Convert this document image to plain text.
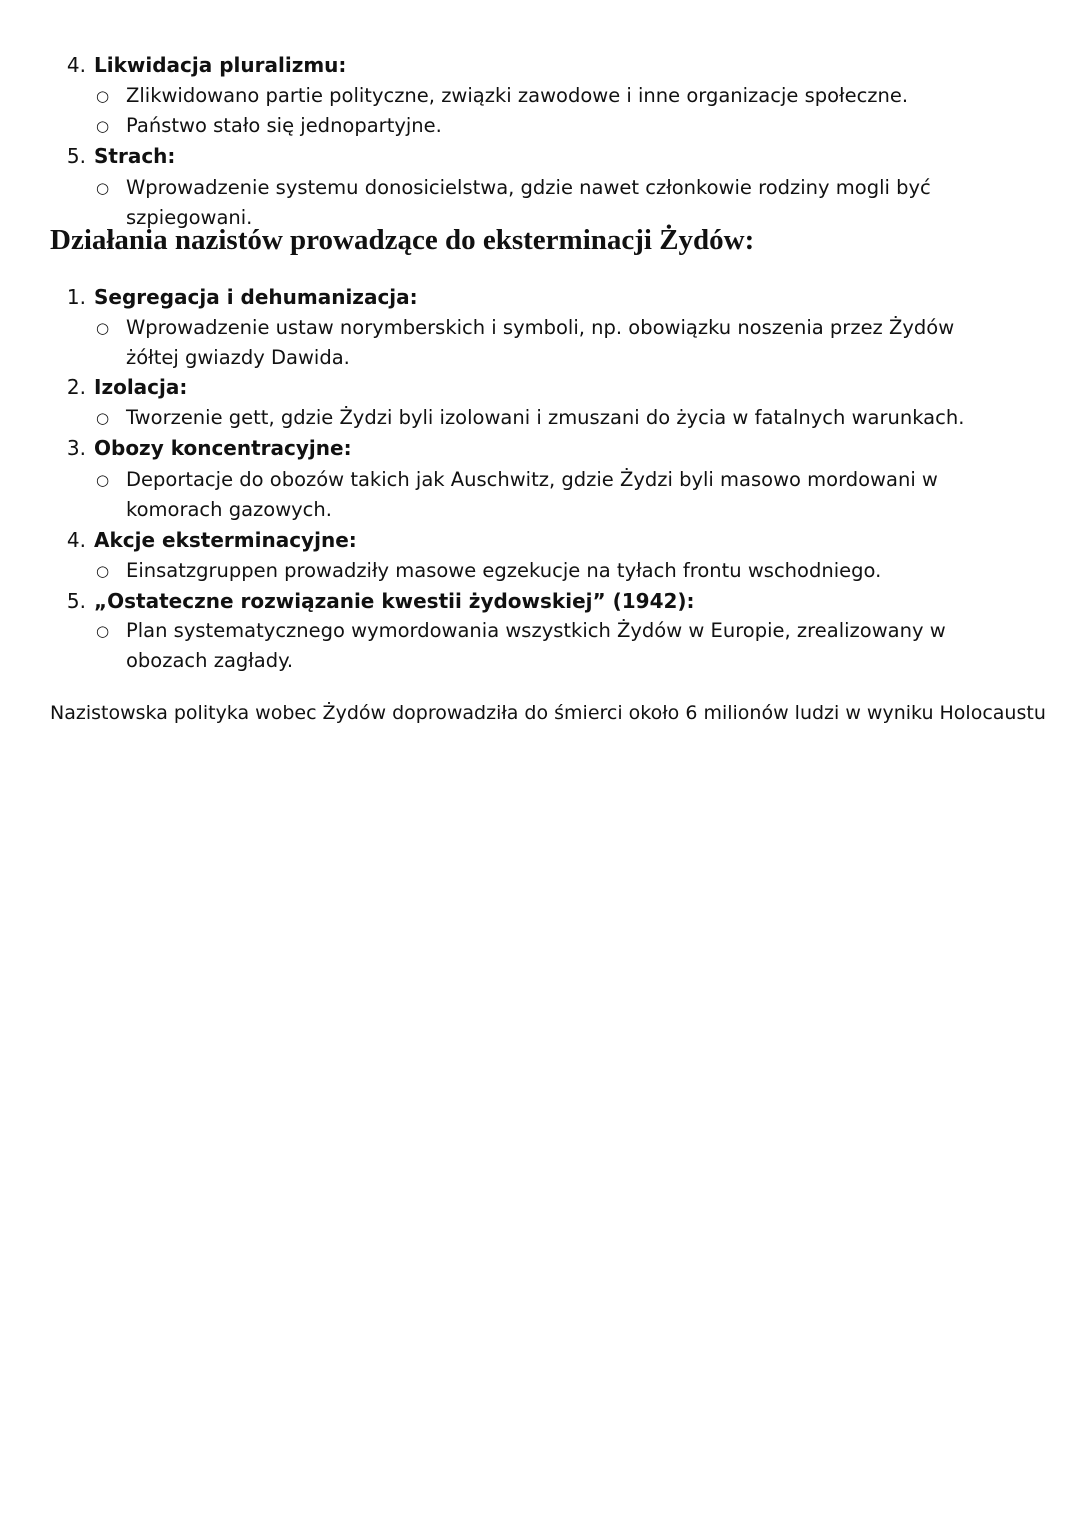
4. Likwidacja pluralizmu:
○ Zlikwidowano partie polityczne, związki zawodowe i inne organizacje społeczne.
○ Państwo stało się jednopartyjne.
5. Strach:
○ Wprowadzenie systemu donosicielstwa, gdzie nawet członkowie rodziny mogli być szpiegowani.
Działania nazistów prowadzące do eksterminacji Żydów:
1. Segregacja i dehumanizacja:
○ Wprowadzenie ustaw norymberskich i symboli, np. obowiązku noszenia przez Żydów żółtej gwiazdy Dawida.
2. Izolacja:
○ Tworzenie gett, gdzie Żydzi byli izolowani i zmuszani do życia w fatalnych warunkach.
3. Obozy koncentracyjne:
○ Deportacje do obozów takich jak Auschwitz, gdzie Żydzi byli masowo mordowani w komorach gazowych.
4. Akcje eksterminacyjne:
○ Einsatzgruppen prowadziły masowe egzekucje na tyłach frontu wschodniego.
5. „Ostateczne rozwiązanie kwestii żydowskiej” (1942):
○ Plan systematycznego wymordowania wszystkich Żydów w Europie, zrealizowany w obozach zagłady.
Nazistowska polityka wobec Żydów doprowadziła do śmierci około 6 milionów ludzi w wyniku Holocaustu
